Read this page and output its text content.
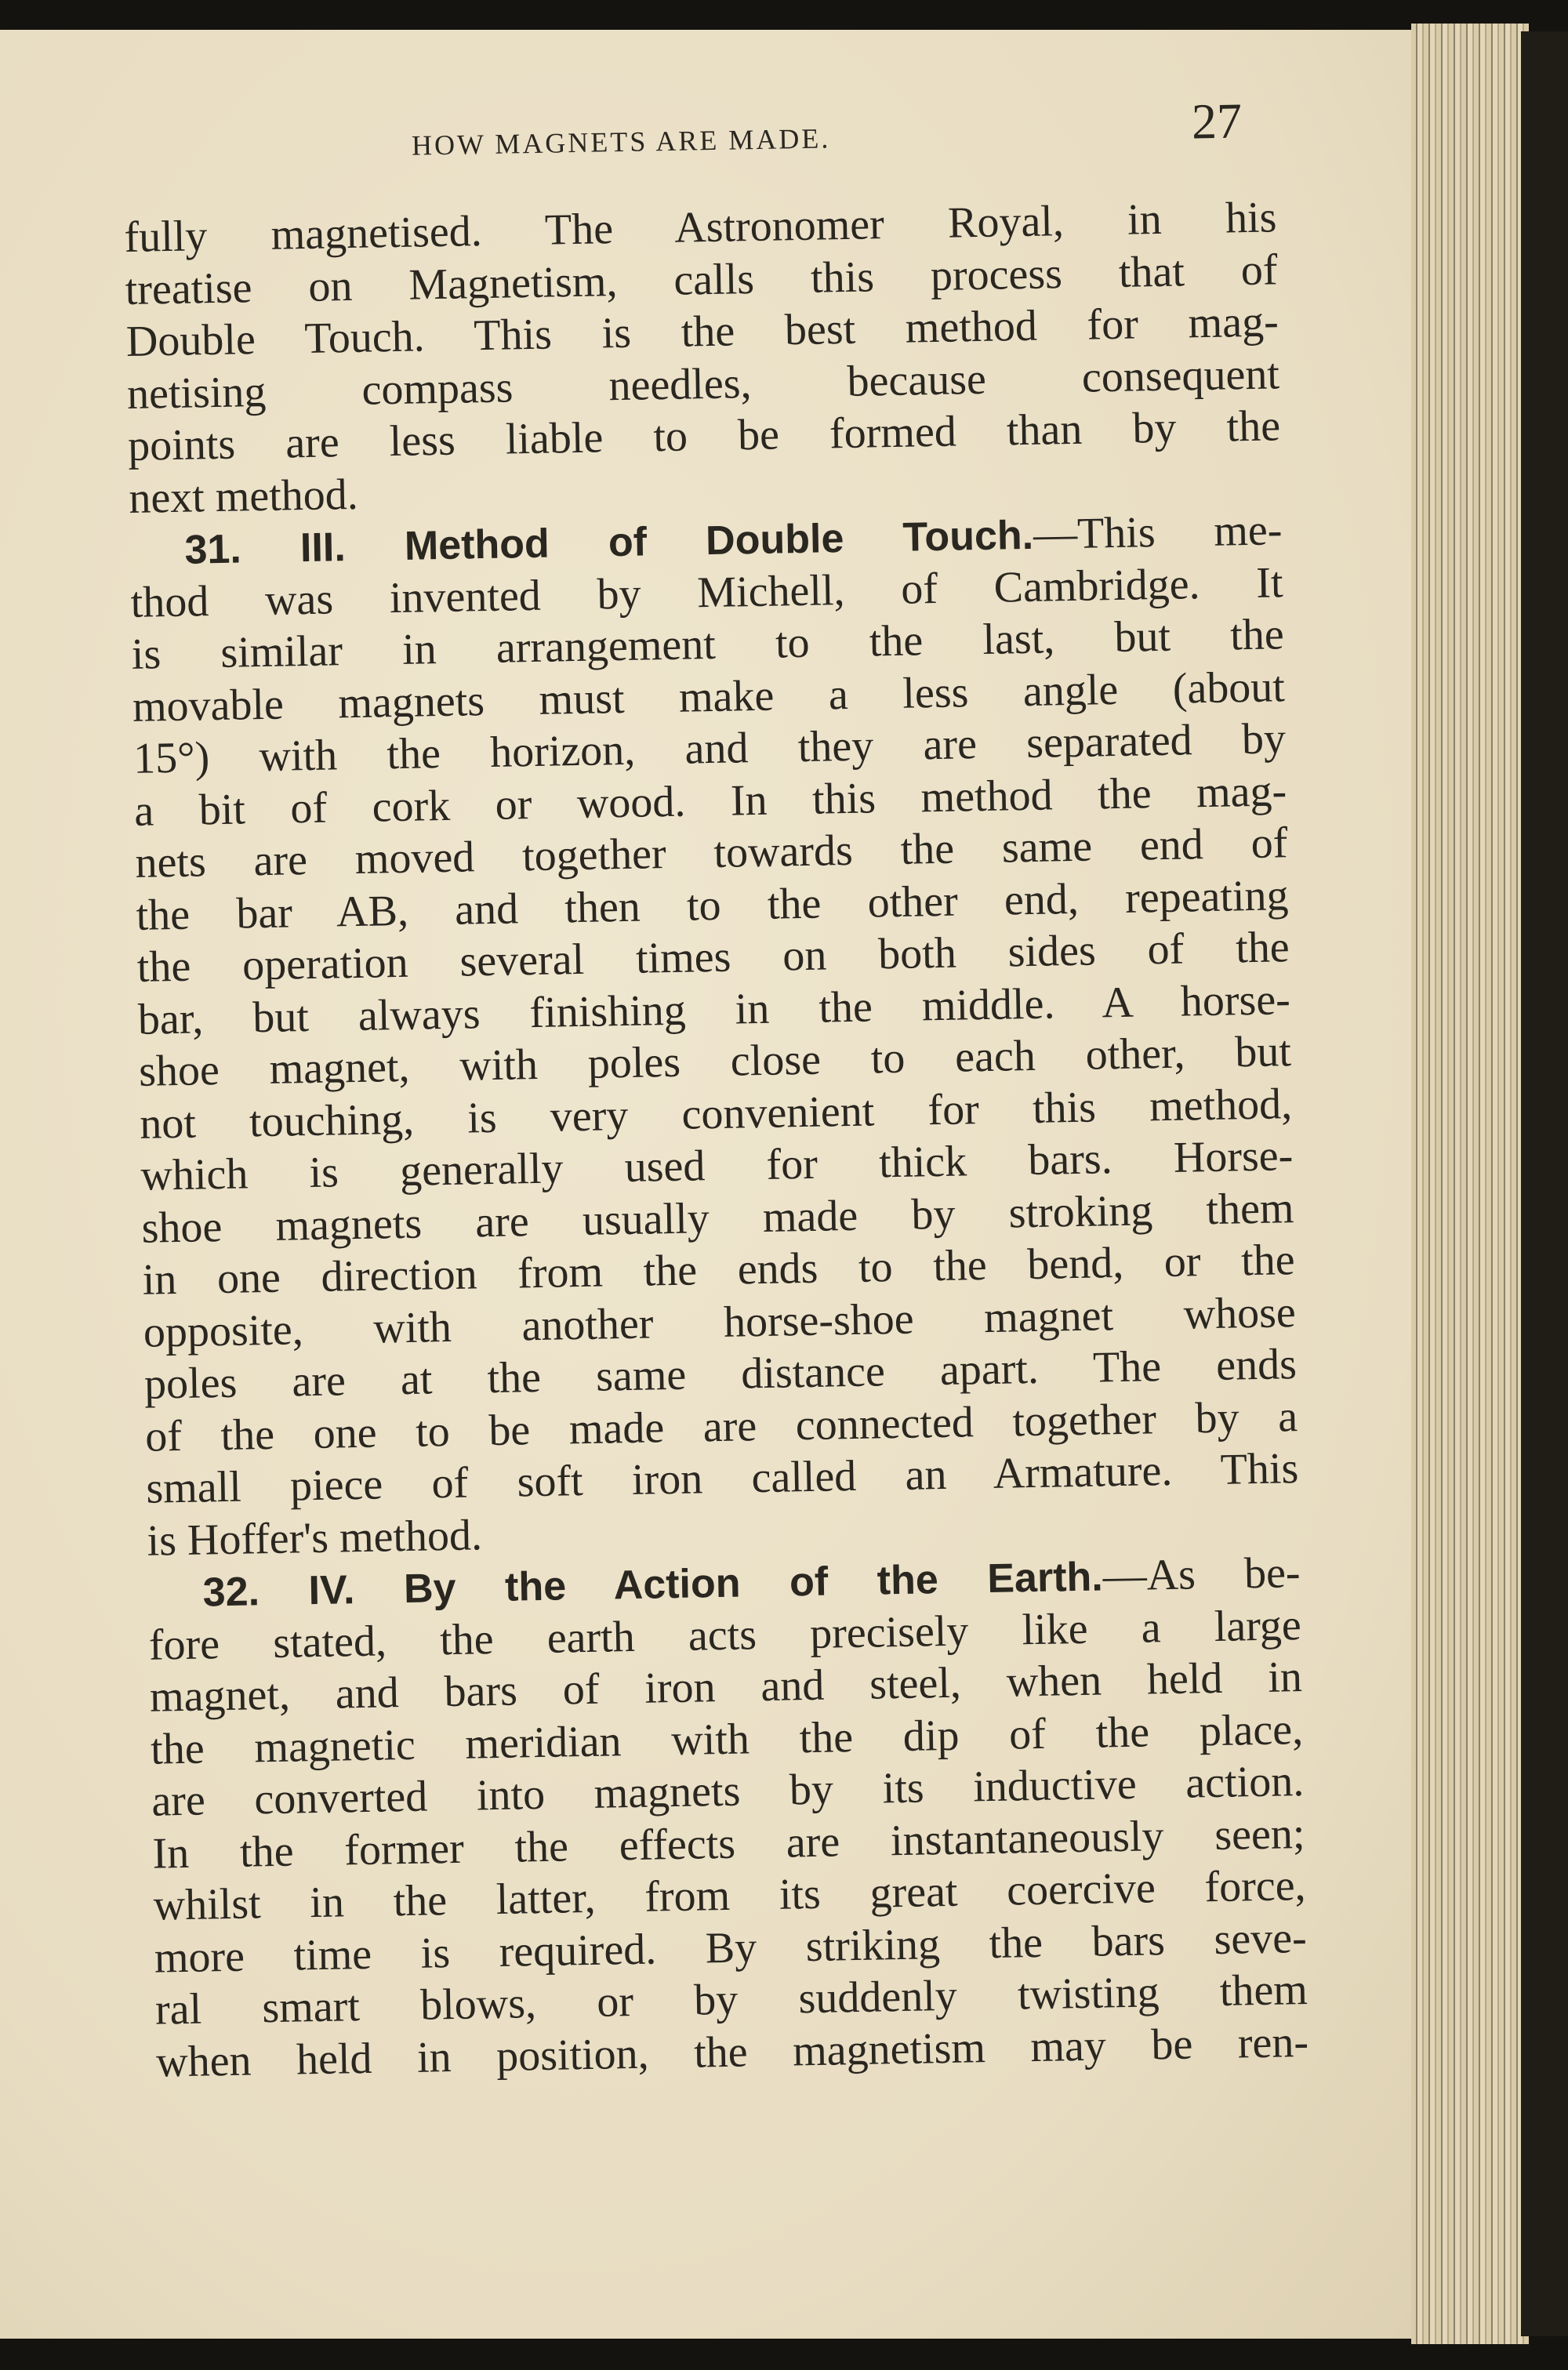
HOW MAGNETS ARE MADE.	27
fully magnetised. The Astronomer Royal, in his
treatise on Magnetism, calls this process that of
Double Touch. This is the best method for mag-
netising compass needles, because consequent
points are less liable to be formed than by the
next method.
31. III. Method of Double Touch.—This me-
thod was invented by Michell, of Cambridge. It
is similar in arrangement to the last, but the
movable magnets must make a less angle (about
15°) with the horizon, and they are separated by
a bit of cork or wood. In this method the mag-
nets are moved together towards the same end of
the bar AB, and then to the other end, repeating
the operation several times on both sides of the
bar, but always finishing in the middle. A horse-
shoe magnet, with poles close to each other, but
not touching, is very convenient for this method,
which is generally used for thick bars. Horse-
shoe magnets are usually made by stroking them
in one direction from the ends to the bend, or the
opposite, with another horse-shoe magnet whose
poles are at the same distance apart. The ends
of the one to be made are connected together by a
small piece of soft iron called an Armature. This
is Hoffer's method.
32. IV. By the Action of the Earth.—As be-
fore stated, the earth acts precisely like a large
magnet, and bars of iron and steel, when held in
the magnetic meridian with the dip of the place,
are converted into magnets by its inductive action.
In the former the effects are instantaneously seen;
whilst in the latter, from its great coercive force,
more time is required. By striking the bars seve-
ral smart blows, or by suddenly twisting them
when held in position, the magnetism may be ren-
